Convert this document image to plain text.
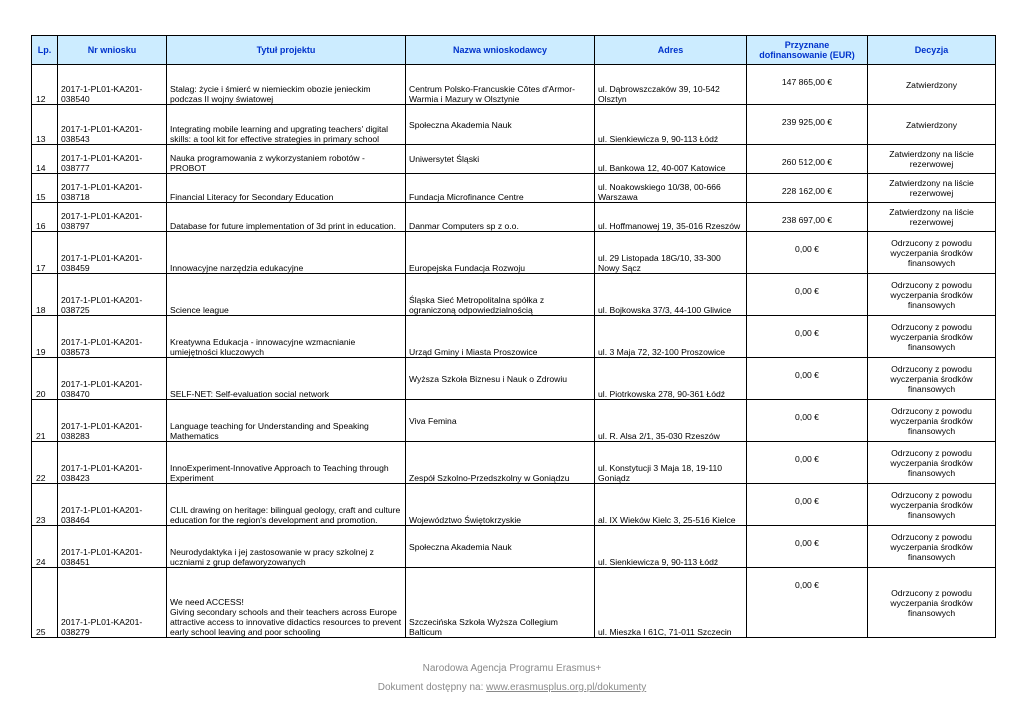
Lp.	Nr wniosku	Tytuł projektu	Nazwa wnioskodawcy	Adres	Przyznane dofinansowanie (EUR)	Decyzja
12	2017-1-PL01-KA201-038540	Stalag: życie i śmierć w niemieckim obozie jenieckim podczas II wojny światowej	Centrum Polsko-Francuskie Côtes d'Armor-Warmia i Mazury w Olsztynie	ul. Dąbrowszczaków 39, 10-542 Olsztyn	147 865,00 €	Zatwierdzony
13	2017-1-PL01-KA201-038543	Integrating mobile learning and upgrating teachers' digital skills: a tool kit for effective strategies in primary school	Społeczna Akademia Nauk	ul. Sienkiewicza 9, 90-113 Łódź	239 925,00 €	Zatwierdzony
14	2017-1-PL01-KA201-038777	Nauka programowania z wykorzystaniem robotów - PROBOT	Uniwersytet Śląski	ul. Bankowa 12, 40-007 Katowice	260 512,00 €	Zatwierdzony na liście rezerwowej
15	2017-1-PL01-KA201-038718	Financial Literacy for Secondary Education	Fundacja Microfinance Centre	ul. Noakowskiego 10/38, 00-666 Warszawa	228 162,00 €	Zatwierdzony na liście rezerwowej
16	2017-1-PL01-KA201-038797	Database for future implementation of 3d print in education.	Danmar Computers sp z o.o.	ul. Hoffmanowej 19, 35-016 Rzeszów	238 697,00 €	Zatwierdzony na liście rezerwowej
17	2017-1-PL01-KA201-038459	Innowacyjne narzędzia edukacyjne	Europejska Fundacja Rozwoju	ul. 29 Listopada 18G/10, 33-300 Nowy Sącz	0,00 €	Odrzucony z powodu wyczerpania środków finansowych
18	2017-1-PL01-KA201-038725	Science league	Śląska Sieć Metropolitalna spółka z ograniczoną odpowiedzialnością	ul. Bojkowska 37/3, 44-100 Gliwice	0,00 €	Odrzucony z powodu wyczerpania środków finansowych
19	2017-1-PL01-KA201-038573	Kreatywna Edukacja - innowacyjne wzmacnianie umiejętności kluczowych	Urząd Gminy i Miasta Proszowice	ul. 3 Maja 72, 32-100 Proszowice	0,00 €	Odrzucony z powodu wyczerpania środków finansowych
20	2017-1-PL01-KA201-038470	SELF-NET: Self-evaluation social network	Wyższa Szkoła Biznesu i Nauk o Zdrowiu	ul. Piotrkowska 278, 90-361 Łódź	0,00 €	Odrzucony z powodu wyczerpania środków finansowych
21	2017-1-PL01-KA201-038283	Language teaching for Understanding and Speaking Mathematics	Viva Femina	ul. R. Alsa 2/1, 35-030 Rzeszów	0,00 €	Odrzucony z powodu wyczerpania środków finansowych
22	2017-1-PL01-KA201-038423	InnoExperiment-Innovative Approach to Teaching through Experiment	Zespół Szkolno-Przedszkolny w Goniądzu	ul. Konstytucji 3 Maja 18, 19-110 Goniądz	0,00 €	Odrzucony z powodu wyczerpania środków finansowych
23	2017-1-PL01-KA201-038464	CLIL drawing on heritage: bilingual geology, craft and culture education for the region's development and promotion.	Województwo Świętokrzyskie	al. IX Wieków Kielc 3, 25-516 Kielce	0,00 €	Odrzucony z powodu wyczerpania środków finansowych
24	2017-1-PL01-KA201-038451	Neurodydaktyka i jej zastosowanie w pracy szkolnej z uczniami z grup defaworyzowanych	Społeczna Akademia Nauk	ul. Sienkiewicza 9, 90-113 Łódź	0,00 €	Odrzucony z powodu wyczerpania środków finansowych
25	2017-1-PL01-KA201-038279	We need ACCESS!
Giving secondary schools and their teachers across Europe attractive access to innovative didactics resources to prevent early school leaving and poor schooling	Szczecińska Szkoła Wyższa Collegium Balticum	ul. Mieszka I 61C, 71-011 Szczecin	0,00 €	Odrzucony z powodu wyczerpania środków finansowych
Narodowa Agencja Programu Erasmus+
Dokument dostępny na: www.erasmusplus.org.pl/dokumenty
